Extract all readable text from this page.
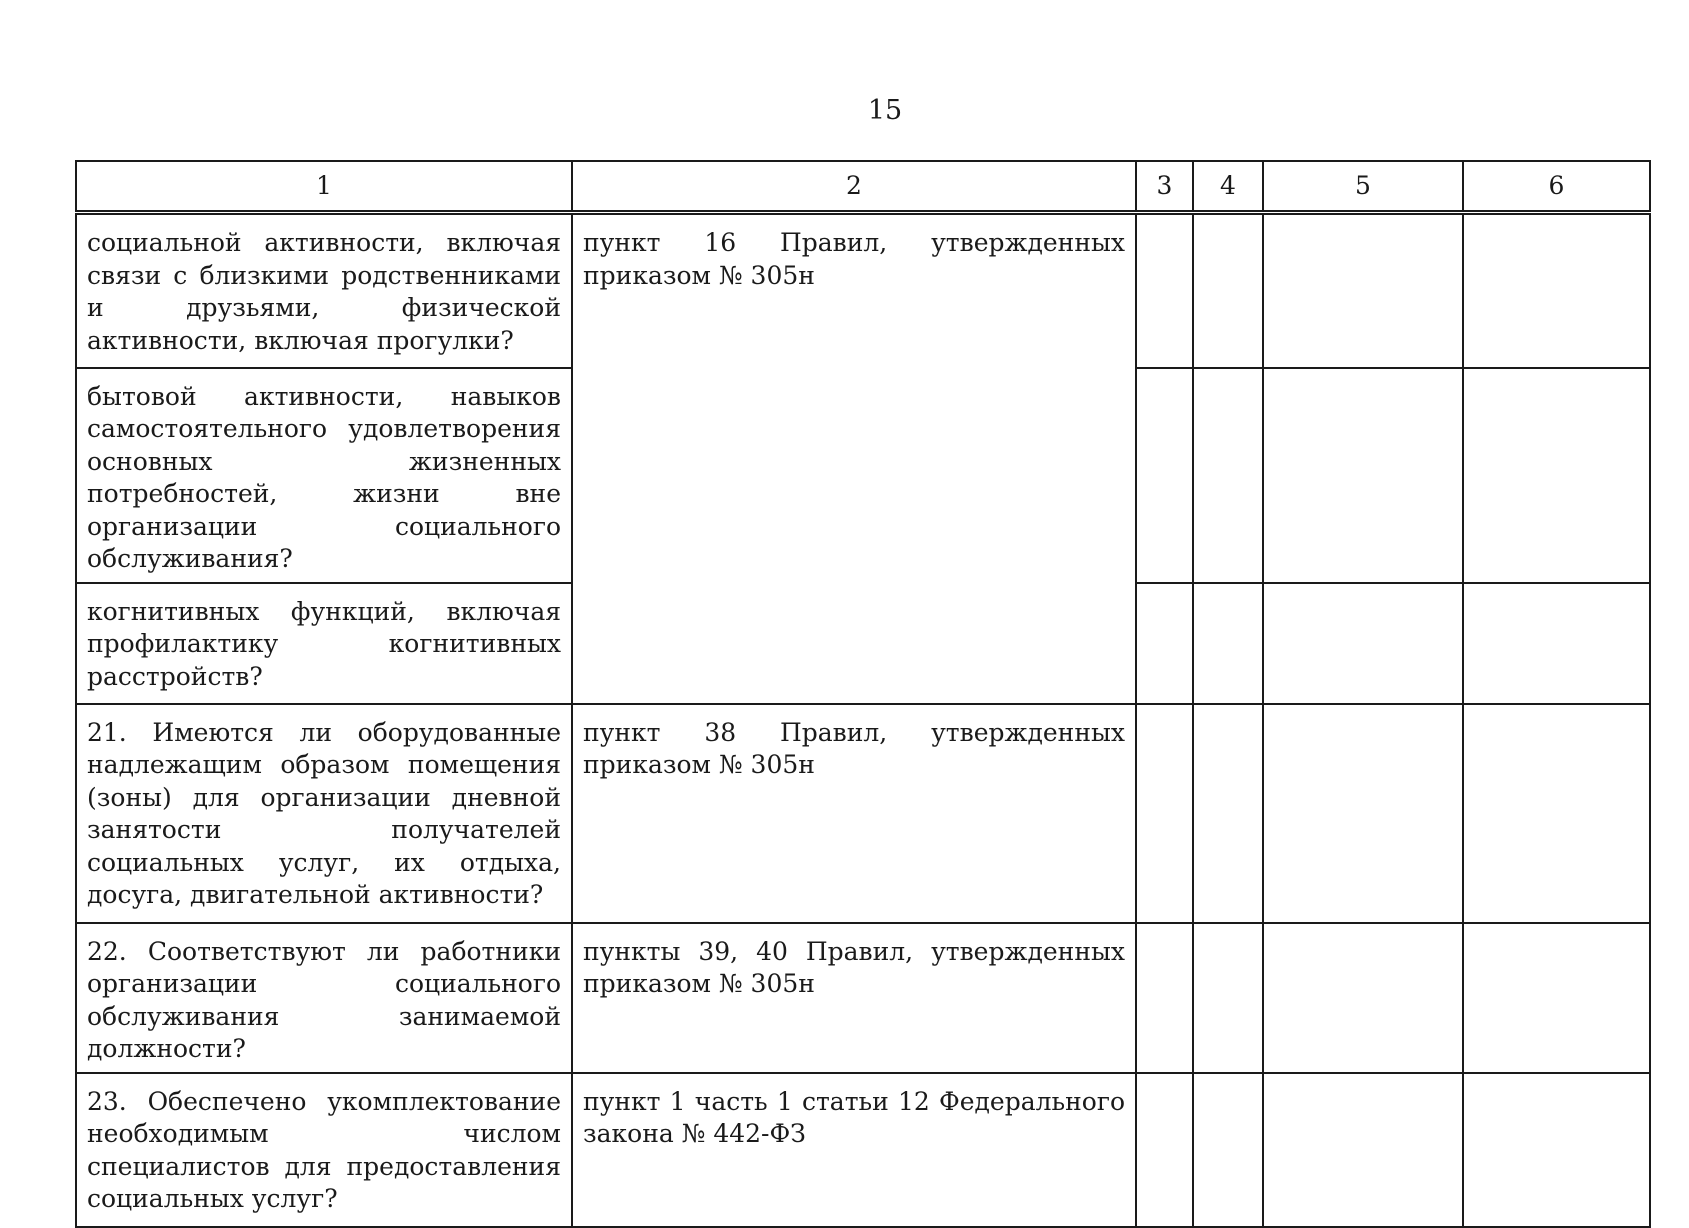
15
1	2	3	4	5	6
социальной активности, включая связи с близкими родственниками и друзьями, физической активности, включая прогулки?	пункт 16 Правил, утвержденных приказом № 305н				
бытовой активности, навыков самостоятельного удовлетворения основных жизненных потребностей, жизни вне организации социального обслуживания?					
когнитивных функций, включая профилактику когнитивных расстройств?					
21. Имеются ли оборудованные надлежащим образом помещения (зоны) для организации дневной занятости получателей социальных услуг, их отдыха, досуга, двигательной активности?	пункт 38 Правил, утвержденных приказом № 305н				
22. Соответствуют ли работники организации социального обслуживания занимаемой должности?	пункты 39, 40 Правил, утвержденных приказом № 305н				
23. Обеспечено укомплектование необходимым числом специалистов для предоставления социальных услуг?	пункт 1 часть 1 статьи 12 Федерального закона № 442-ФЗ				
